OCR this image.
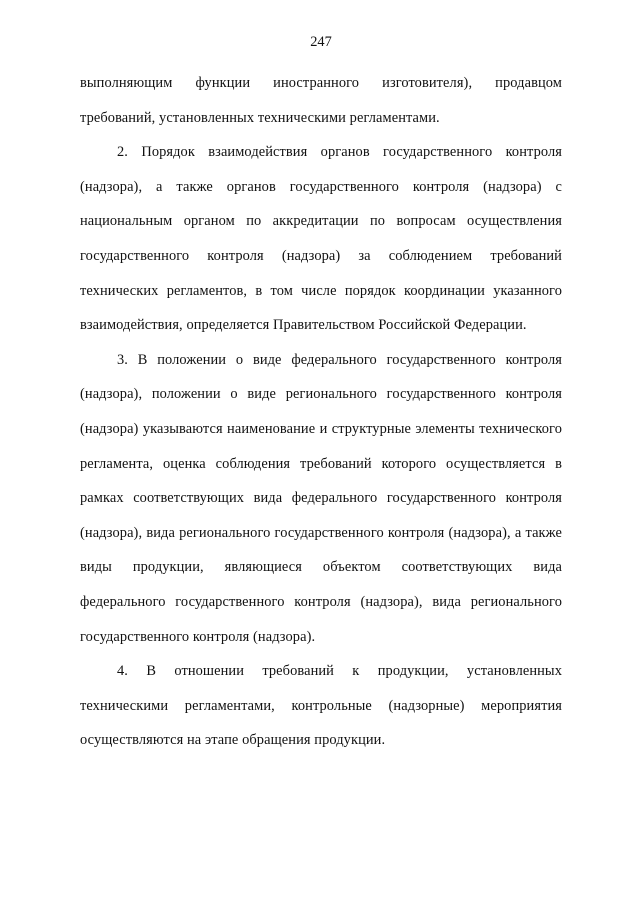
247

выполняющим функции иностранного изготовителя), продавцом требований, установленных техническими регламентами.

2. Порядок взаимодействия органов государственного контроля (надзора), а также органов государственного контроля (надзора) с национальным органом по аккредитации по вопросам осуществления государственного контроля (надзора) за соблюдением требований технических регламентов, в том числе порядок координации указанного взаимодействия, определяется Правительством Российской Федерации.

3. В положении о виде федерального государственного контроля (надзора), положении о виде регионального государственного контроля (надзора) указываются наименование и структурные элементы технического регламента, оценка соблюдения требований которого осуществляется в рамках соответствующих вида федерального государственного контроля (надзора), вида регионального государственного контроля (надзора), а также виды продукции, являющиеся объектом соответствующих вида федерального государственного контроля (надзора), вида регионального государственного контроля (надзора).

4. В отношении требований к продукции, установленных техническими регламентами, контрольные (надзорные) мероприятия осуществляются на этапе обращения продукции.
